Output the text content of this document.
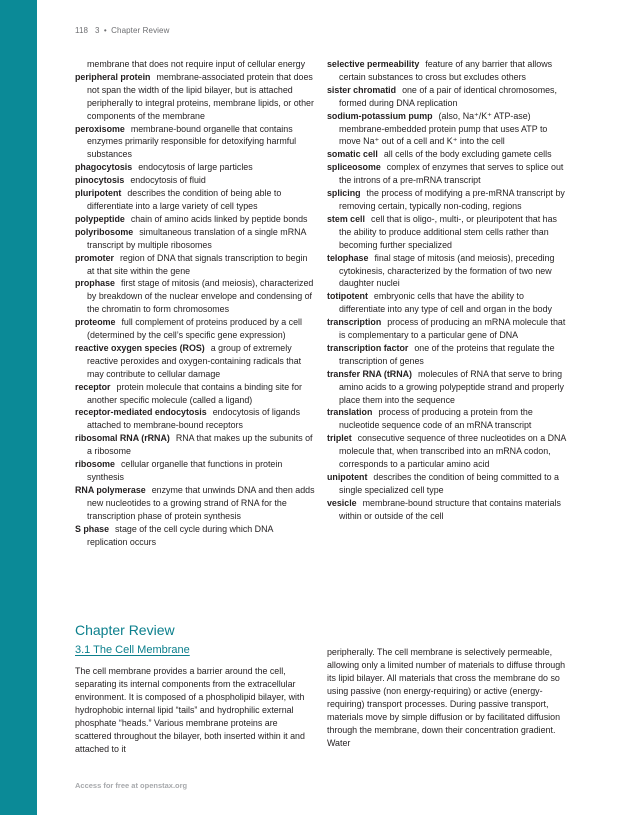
118 3 • Chapter Review
membrane that does not require input of cellular energy
peripheral protein membrane-associated protein that does not span the width of the lipid bilayer, but is attached peripherally to integral proteins, membrane lipids, or other components of the membrane
peroxisome membrane-bound organelle that contains enzymes primarily responsible for detoxifying harmful substances
phagocytosis endocytosis of large particles
pinocytosis endocytosis of fluid
pluripotent describes the condition of being able to differentiate into a large variety of cell types
polypeptide chain of amino acids linked by peptide bonds
polyribosome simultaneous translation of a single mRNA transcript by multiple ribosomes
promoter region of DNA that signals transcription to begin at that site within the gene
prophase first stage of mitosis (and meiosis), characterized by breakdown of the nuclear envelope and condensing of the chromatin to form chromosomes
proteome full complement of proteins produced by a cell (determined by the cell’s specific gene expression)
reactive oxygen species (ROS) a group of extremely reactive peroxides and oxygen-containing radicals that may contribute to cellular damage
receptor protein molecule that contains a binding site for another specific molecule (called a ligand)
receptor-mediated endocytosis endocytosis of ligands attached to membrane-bound receptors
ribosomal RNA (rRNA) RNA that makes up the subunits of a ribosome
ribosome cellular organelle that functions in protein synthesis
RNA polymerase enzyme that unwinds DNA and then adds new nucleotides to a growing strand of RNA for the transcription phase of protein synthesis
S phase stage of the cell cycle during which DNA replication occurs
selective permeability feature of any barrier that allows certain substances to cross but excludes others
sister chromatid one of a pair of identical chromosomes, formed during DNA replication
sodium-potassium pump (also, Na⁺/K⁺ ATP-ase) membrane-embedded protein pump that uses ATP to move Na⁺ out of a cell and K⁺ into the cell
somatic cell all cells of the body excluding gamete cells
spliceosome complex of enzymes that serves to splice out the introns of a pre-mRNA transcript
splicing the process of modifying a pre-mRNA transcript by removing certain, typically non-coding, regions
stem cell cell that is oligo-, multi-, or pleuripotent that has the ability to produce additional stem cells rather than becoming further specialized
telophase final stage of mitosis (and meiosis), preceding cytokinesis, characterized by the formation of two new daughter nuclei
totipotent embryonic cells that have the ability to differentiate into any type of cell and organ in the body
transcription process of producing an mRNA molecule that is complementary to a particular gene of DNA
transcription factor one of the proteins that regulate the transcription of genes
transfer RNA (tRNA) molecules of RNA that serve to bring amino acids to a growing polypeptide strand and properly place them into the sequence
translation process of producing a protein from the nucleotide sequence code of an mRNA transcript
triplet consecutive sequence of three nucleotides on a DNA molecule that, when transcribed into an mRNA codon, corresponds to a particular amino acid
unipotent describes the condition of being committed to a single specialized cell type
vesicle membrane-bound structure that contains materials within or outside of the cell
Chapter Review
3.1 The Cell Membrane
The cell membrane provides a barrier around the cell, separating its internal components from the extracellular environment. It is composed of a phospholipid bilayer, with hydrophobic internal lipid “tails” and hydrophilic external phosphate “heads.” Various membrane proteins are scattered throughout the bilayer, both inserted within it and attached to it
peripherally. The cell membrane is selectively permeable, allowing only a limited number of materials to diffuse through its lipid bilayer. All materials that cross the membrane do so using passive (non energy-requiring) or active (energy-requiring) transport processes. During passive transport, materials move by simple diffusion or by facilitated diffusion through the membrane, down their concentration gradient. Water
Access for free at openstax.org
